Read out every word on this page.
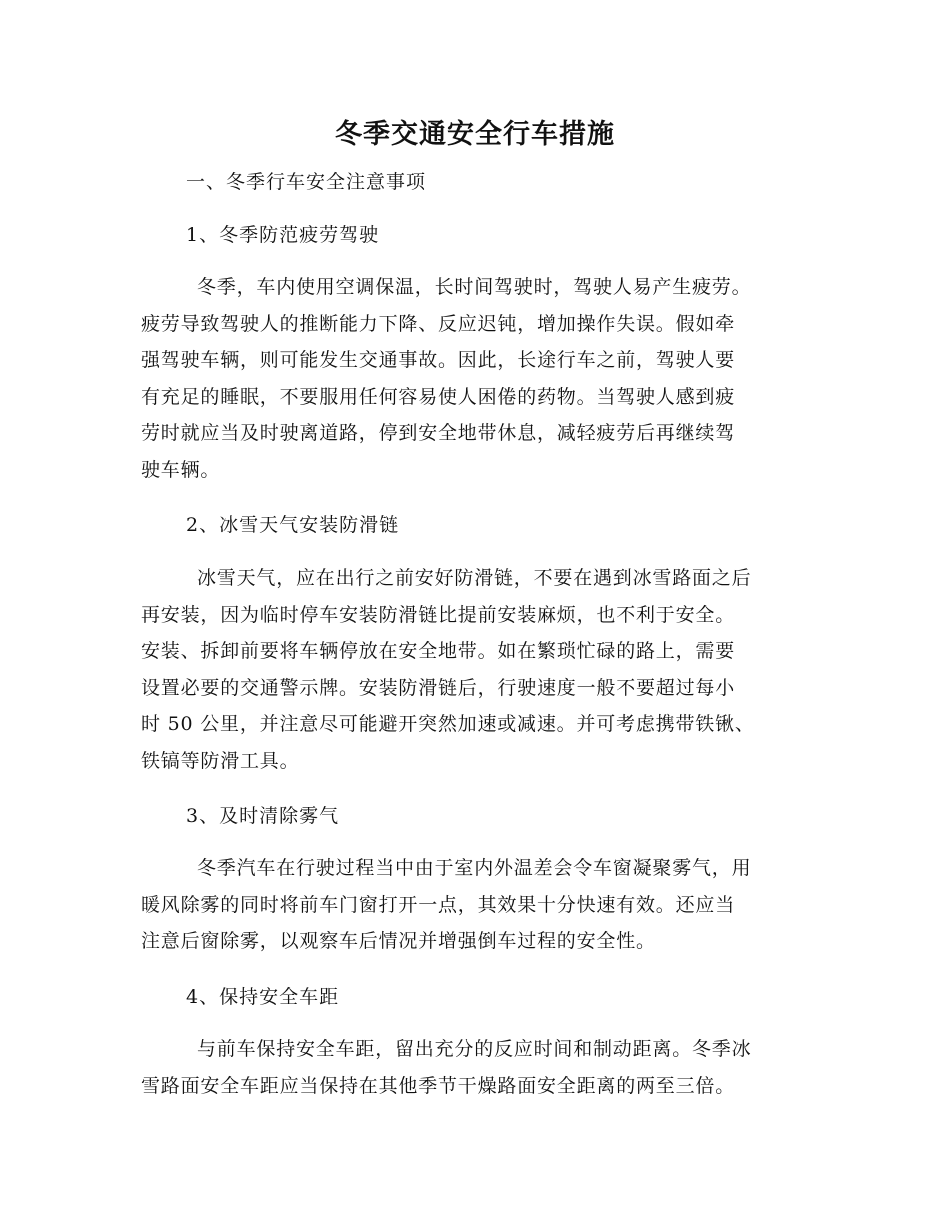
冬季交通安全行车措施
一、冬季行车安全注意事项
1、冬季防范疲劳驾驶
冬季，车内使用空调保温，长时间驾驶时，驾驶人易产生疲劳。
疲劳导致驾驶人的推断能力下降、反应迟钝，增加操作失误。假如牵
强驾驶车辆，则可能发生交通事故。因此，长途行车之前，驾驶人要
有充足的睡眠，不要服用任何容易使人困倦的药物。当驾驶人感到疲
劳时就应当及时驶离道路，停到安全地带休息，减轻疲劳后再继续驾
驶车辆。
2、冰雪天气安装防滑链
冰雪天气，应在出行之前安好防滑链，不要在遇到冰雪路面之后
再安装，因为临时停车安装防滑链比提前安装麻烦，也不利于安全。
安装、拆卸前要将车辆停放在安全地带。如在繁琐忙碌的路上，需要
设置必要的交通警示牌。安装防滑链后，行驶速度一般不要超过每小
时 50 公里，并注意尽可能避开突然加速或减速。并可考虑携带铁锹、
铁镐等防滑工具。
3、及时清除雾气
冬季汽车在行驶过程当中由于室内外温差会令车窗凝聚雾气，用
暖风除雾的同时将前车门窗打开一点，其效果十分快速有效。还应当
注意后窗除雾，以观察车后情况并增强倒车过程的安全性。
4、保持安全车距
与前车保持安全车距，留出充分的反应时间和制动距离。冬季冰
雪路面安全车距应当保持在其他季节干燥路面安全距离的两至三倍。
